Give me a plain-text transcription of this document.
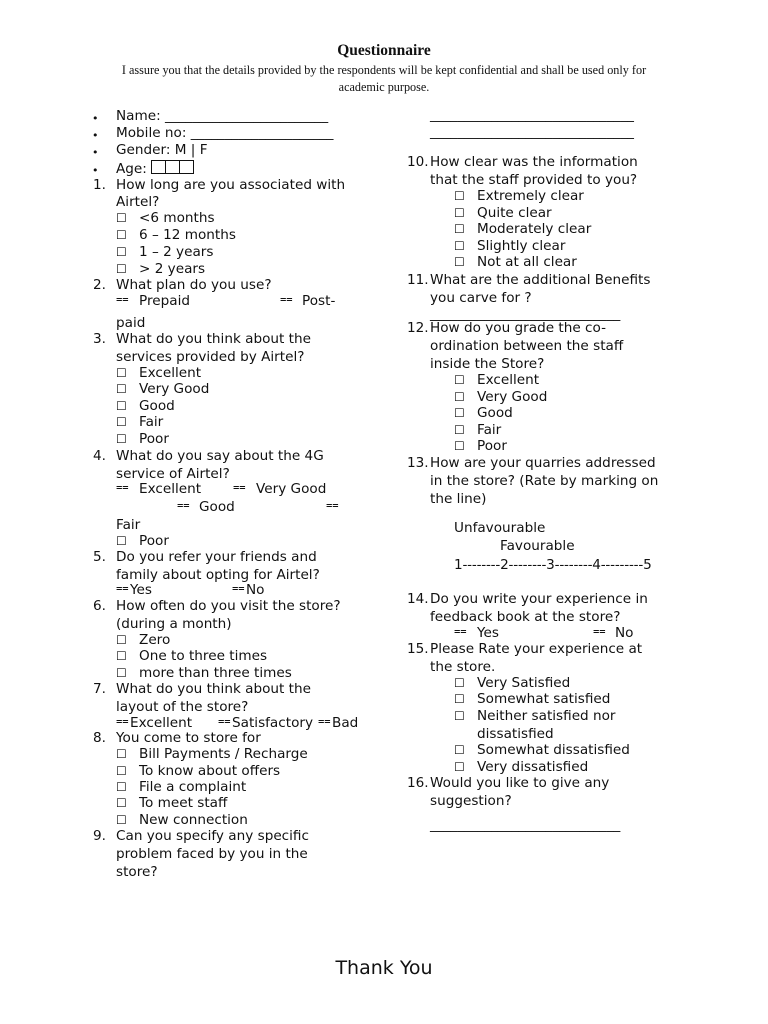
Questionnaire
I assure you that the details provided by the respondents will be kept confidential and shall be used only for academic purpose.
• Name: ________________________
• Mobile no: _____________________
• Gender: M | F
• Age:
1. How long are you associated with
Airtel?
☐ <6 months
☐ 6 – 12 months
☐ 1 – 2 years
☐ > 2 years
2. What plan do you use?
⩵ Prepaid	⩵ Post-
paid
3. What do you think about the
services provided by Airtel?
☐ Excellent
☐ Very Good
☐ Good
☐ Fair
☐ Poor
4. What do you say about the 4G
service of Airtel?
⩵ Excellent	⩵ Very Good
⩵ Good	⩵
Fair
☐ Poor
5. Do you refer your friends and
family about opting for Airtel?
⩵ Yes	⩵ No
6. How often do you visit the store?
(during a month)
☐ Zero
☐ One to three times
☐ more than three times
7. What do you think about the
layout of the store?
⩵ Excellent ⩵ Satisfactory ⩵ Bad
8. You come to store for
☐ Bill Payments / Recharge
☐ To know about offers
☐ File a complaint
☐ To meet staff
☐ New connection
9. Can you specify any specific
problem faced by you in the
store?
______________________________
______________________________
10. How clear was the information
that the staff provided to you?
☐ Extremely clear
☐ Quite clear
☐ Moderately clear
☐ Slightly clear
☐ Not at all clear
11. What are the additional Benefits
you carve for ?
____________________________
12. How do you grade the co-
ordination between the staff
inside the Store?
☐ Excellent
☐ Very Good
☐ Good
☐ Fair
☐ Poor
13. How are your quarries addressed
in the store? (Rate by marking on
the line)
Unfavourable
Favourable
1--------2--------3--------4---------5
14. Do you write your experience in
feedback book at the store?
⩵ Yes	⩵ No
15. Please Rate your experience at
the store.
☐ Very Satisfied
☐ Somewhat satisfied
☐ Neither satisfied nor
dissatisfied
☐ Somewhat dissatisfied
☐ Very dissatisfied
16. Would you like to give any
suggestion?
____________________________
Thank You
